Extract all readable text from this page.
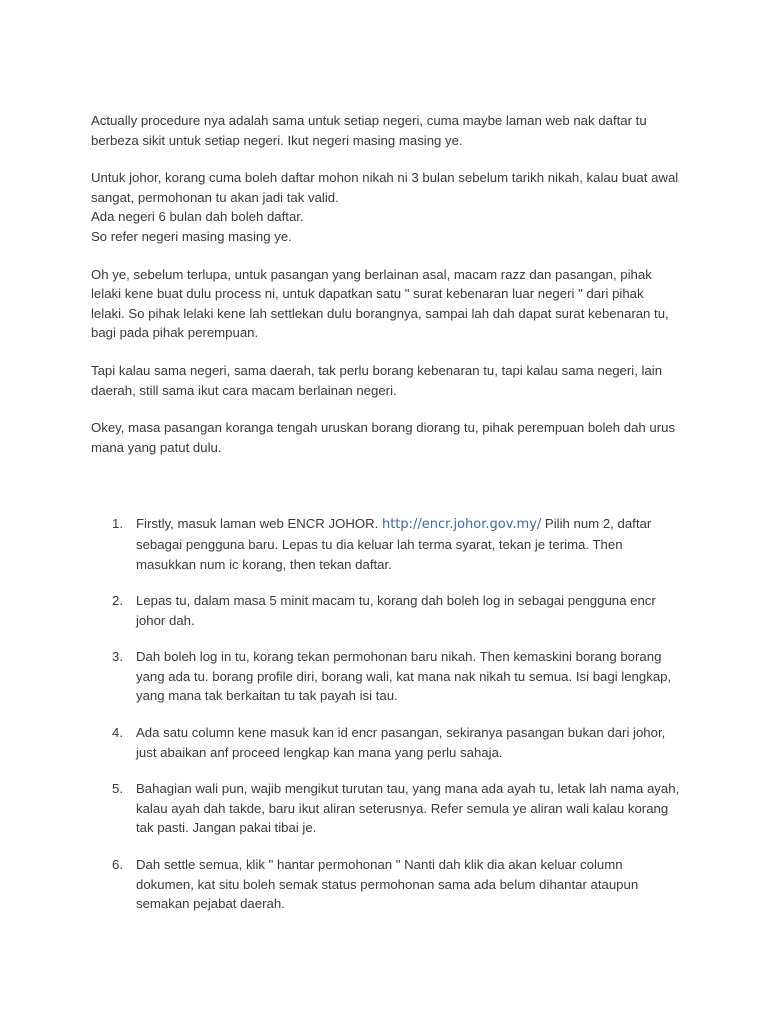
Actually procedure nya adalah sama untuk setiap negeri, cuma maybe laman web nak daftar tu
berbeza sikit untuk setiap negeri. Ikut negeri masing masing ye.
Untuk johor, korang cuma boleh daftar mohon nikah ni 3 bulan sebelum tarikh nikah, kalau buat awal
sangat, permohonan tu akan jadi tak valid.
Ada negeri 6 bulan dah boleh daftar.
So refer negeri masing masing ye.
Oh ye, sebelum terlupa, untuk pasangan yang berlainan asal, macam razz dan pasangan, pihak
lelaki kene buat dulu process ni, untuk dapatkan satu " surat kebenaran luar negeri " dari pihak
lelaki. So pihak lelaki kene lah settlekan dulu borangnya, sampai lah dah dapat surat kebenaran tu,
bagi pada pihak perempuan.
Tapi kalau sama negeri, sama daerah, tak perlu borang kebenaran tu, tapi kalau sama negeri, lain
daerah, still sama ikut cara macam berlainan negeri.
Okey, masa pasangan koranga tengah uruskan borang diorang tu, pihak perempuan boleh dah urus
mana yang patut dulu.
1. Firstly, masuk laman web ENCR JOHOR. http://encr.johor.gov.my/ Pilih num 2, daftar
sebagai pengguna baru. Lepas tu dia keluar lah terma syarat, tekan je terima. Then
masukkan num ic korang, then tekan daftar.
2. Lepas tu, dalam masa 5 minit macam tu, korang dah boleh log in sebagai pengguna encr
johor dah.
3. Dah boleh log in tu, korang tekan permohonan baru nikah. Then kemaskini borang borang
yang ada tu. borang profile diri, borang wali, kat mana nak nikah tu semua. Isi bagi lengkap,
yang mana tak berkaitan tu tak payah isi tau.
4. Ada satu column kene masuk kan id encr pasangan, sekiranya pasangan bukan dari johor,
just abaikan anf proceed lengkap kan mana yang perlu sahaja.
5. Bahagian wali pun, wajib mengikut turutan tau, yang mana ada ayah tu, letak lah nama ayah,
kalau ayah dah takde, baru ikut aliran seterusnya. Refer semula ye aliran wali kalau korang
tak pasti. Jangan pakai tibai je.
6. Dah settle semua, klik " hantar permohonan " Nanti dah klik dia akan keluar column
dokumen, kat situ boleh semak status permohonan sama ada belum dihantar ataupun
semakan pejabat daerah.
